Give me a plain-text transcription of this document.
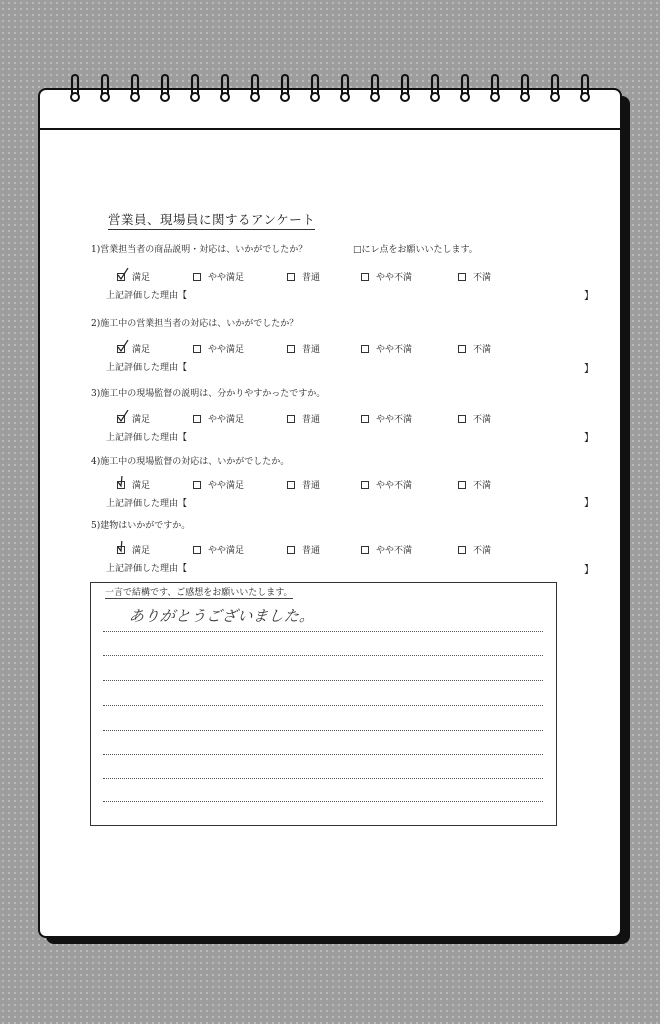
営業員、現場員に関するアンケート
1)営業担当者の商品説明・対応は、いかがでしたか？	□にレ点をお願いいたします。
満足	やや満足	普通	やや不満	不満
上記評価した理由【	】
2)施工中の営業担当者の対応は、いかがでしたか？
満足	やや満足	普通	やや不満	不満
上記評価した理由【	】
3)施工中の現場監督の説明は、分かりやすかったですか。
満足	やや満足	普通	やや不満	不満
上記評価した理由【	】
4)施工中の現場監督の対応は、いかがでしたか。
満足	やや満足	普通	やや不満	不満
上記評価した理由【	】
5)建物はいかがですか。
満足	やや満足	普通	やや不満	不満
上記評価した理由【	】
一言で結構です、ご感想をお願いいたします。
ありがとうございました。
